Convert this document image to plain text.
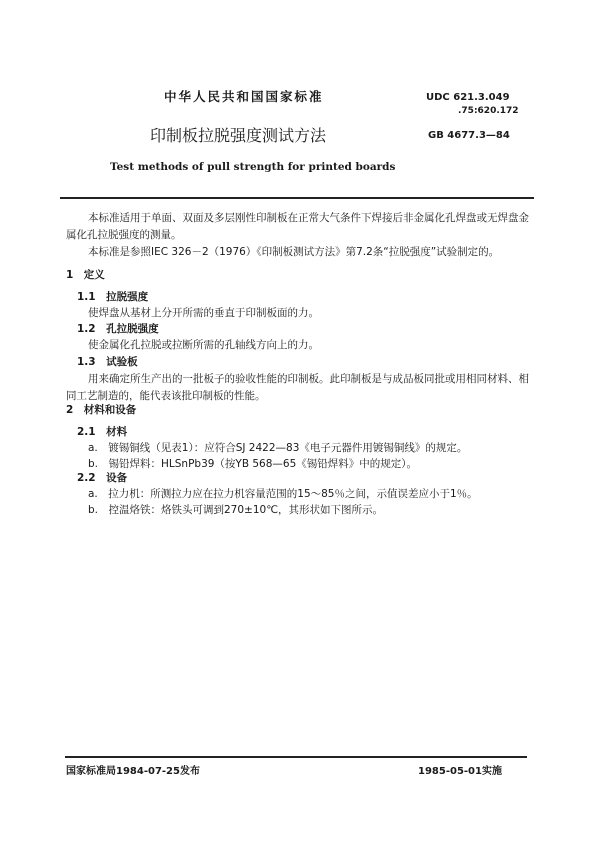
中华人民共和国国家标准	UDC 621.3.049
.75:620.172
印制板拉脱强度测试方法	GB 4677.3—84
Test methods of pull strength for printed boards
本标准适用于单面、双面及多层刚性印制板在正常大气条件下焊接后非金属化孔焊盘或无焊盘金
属化孔拉脱强度的测量。
本标准是参照IEC 326－2（1976）《印制板测试方法》第7.2条“拉脱强度”试验制定的。
1　定义
1.1　拉脱强度
使焊盘从基材上分开所需的垂直于印制板面的力。
1.2　孔拉脱强度
使金属化孔拉脱或拉断所需的孔轴线方向上的力。
1.3　试验板
用来确定所生产出的一批板子的验收性能的印制板。此印制板是与成品板同批或用相同材料、相
同工艺制造的，能代表该批印制板的性能。
2　材料和设备
2.1　材料
a.　镀锡铜线（见表1）：应符合SJ 2422—83《电子元器件用镀锡铜线》的规定。
b.　锡铅焊料：HLSnPb39（按YB 568—65《锡铅焊料》中的规定）。
2.2　设备
a.　拉力机：所测拉力应在拉力机容量范围的15～85％之间，示值误差应小于1％。
b.　控温烙铁：烙铁头可调到270±10℃，其形状如下图所示。
国家标准局1984-07-25发布	1985-05-01实施
